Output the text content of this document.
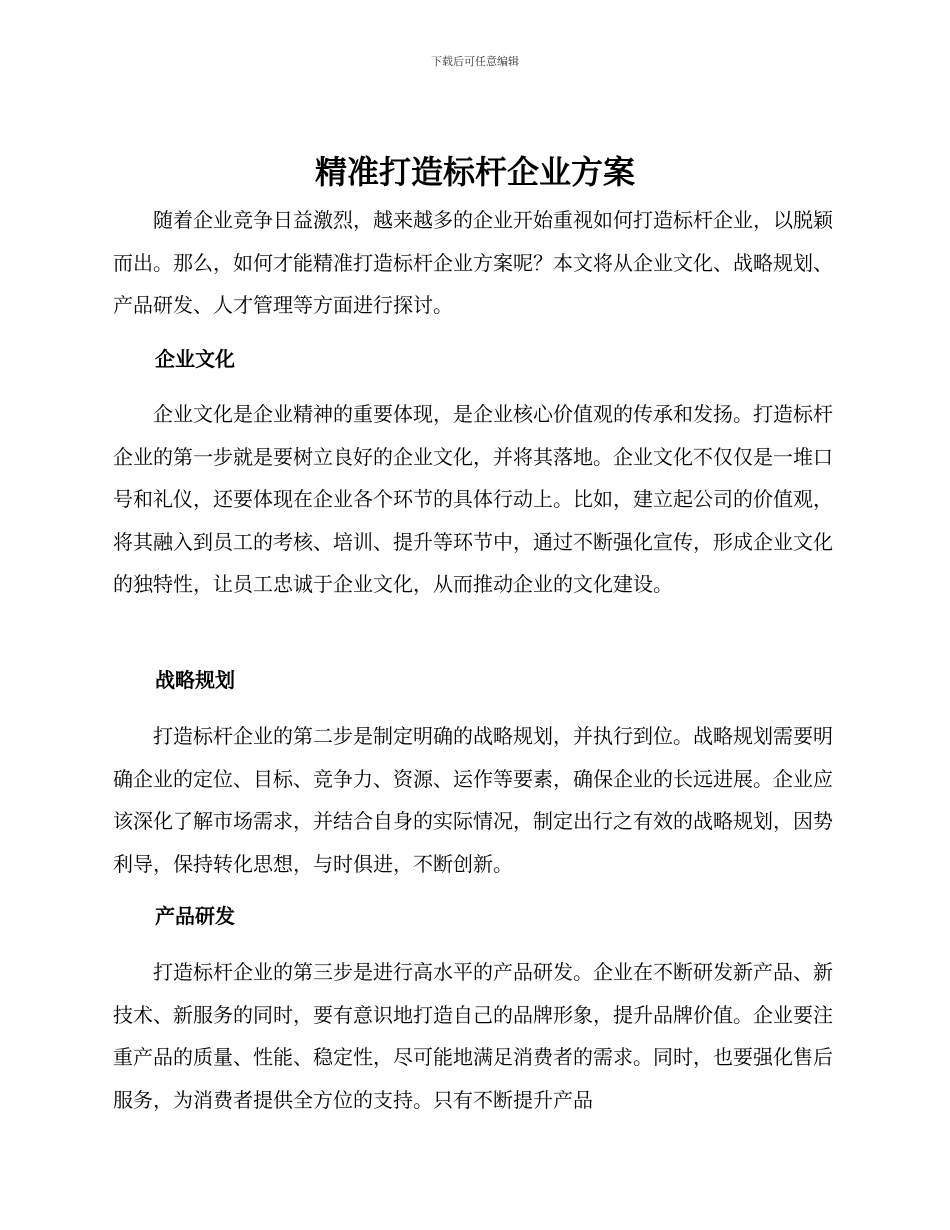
下载后可任意编辑
精准打造标杆企业方案

随着企业竞争日益激烈，越来越多的企业开始重视如何打造标杆企业，以脱颖而出。那么，如何才能精准打造标杆企业方案呢？本文将从企业文化、战略规划、产品研发、人才管理等方面进行探讨。

企业文化

企业文化是企业精神的重要体现，是企业核心价值观的传承和发扬。打造标杆企业的第一步就是要树立良好的企业文化，并将其落地。企业文化不仅仅是一堆口号和礼仪，还要体现在企业各个环节的具体行动上。比如，建立起公司的价值观，将其融入到员工的考核、培训、提升等环节中，通过不断强化宣传，形成企业文化的独特性，让员工忠诚于企业文化，从而推动企业的文化建设。

战略规划

打造标杆企业的第二步是制定明确的战略规划，并执行到位。战略规划需要明确企业的定位、目标、竞争力、资源、运作等要素，确保企业的长远进展。企业应该深化了解市场需求，并结合自身的实际情况，制定出行之有效的战略规划，因势利导，保持转化思想，与时俱进，不断创新。

产品研发

打造标杆企业的第三步是进行高水平的产品研发。企业在不断研发新产品、新技术、新服务的同时，要有意识地打造自己的品牌形象，提升品牌价值。企业要注重产品的质量、性能、稳定性，尽可能地满足消费者的需求。同时，也要强化售后服务，为消费者提供全方位的支持。只有不断提升产品
